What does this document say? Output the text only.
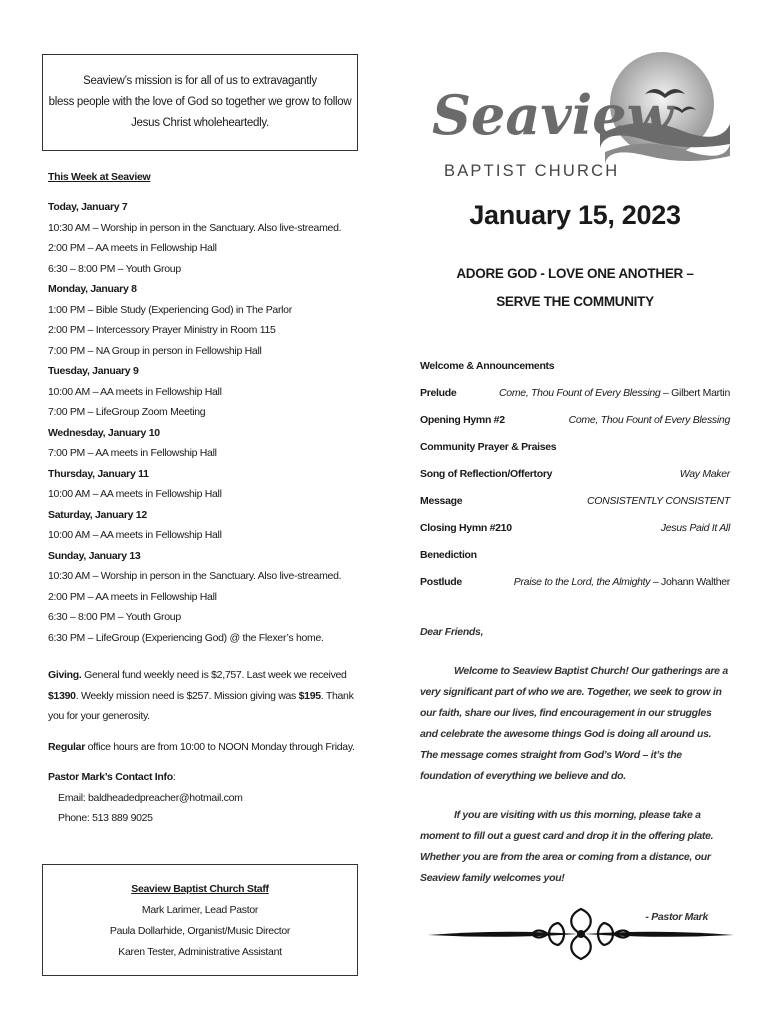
Seaview’s mission is for all of us to extravagantly
bless people with the love of God so together we grow to follow
Jesus Christ wholeheartedly.	Seaview
BAPTIST CHURCH
This Week at Seaview
Today, January 7
10:30 AM – Worship in person in the Sanctuary. Also live-streamed.
2:00 PM – AA meets in Fellowship Hall
6:30 – 8:00 PM – Youth Group
Monday, January 8
1:00 PM – Bible Study (Experiencing God) in The Parlor
2:00 PM – Intercessory Prayer Ministry in Room 115
7:00 PM – NA Group in person in Fellowship Hall
Tuesday, January 9
10:00 AM – AA meets in Fellowship Hall
7:00 PM – LifeGroup Zoom Meeting
Wednesday, January 10
7:00 PM – AA meets in Fellowship Hall
Thursday, January 11
10:00 AM – AA meets in Fellowship Hall
Saturday, January 12
10:00 AM – AA meets in Fellowship Hall
Sunday, January 13
10:30 AM – Worship in person in the Sanctuary. Also live-streamed.
2:00 PM – AA meets in Fellowship Hall
6:30 – 8:00 PM – Youth Group
6:30 PM – LifeGroup (Experiencing God) @ the Flexer’s home.
Giving. General fund weekly need is $2,757. Last week we received $1390. Weekly mission need is $257. Mission giving was $195. Thank you for your generosity.
Regular office hours are from 10:00 to NOON Monday through Friday.
Pastor Mark’s Contact Info:
Email: baldheadedpreacher@hotmail.com
Phone: 513 889 9025
Seaview Baptist Church Staff
Mark Larimer, Lead Pastor
Paula Dollarhide, Organist/Music Director
Karen Tester, Administrative Assistant
January 15, 2023
ADORE GOD - LOVE ONE ANOTHER –
SERVE THE COMMUNITY
Welcome & Announcements
Prelude	Come, Thou Fount of Every Blessing – Gilbert Martin
Opening Hymn #2	Come, Thou Fount of Every Blessing
Community Prayer & Praises
Song of Reflection/Offertory	Way Maker
Message	CONSISTENTLY CONSISTENT
Closing Hymn #210	Jesus Paid It All
Benediction
Postlude	Praise to the Lord, the Almighty – Johann Walther

Dear Friends,

Welcome to Seaview Baptist Church! Our gatherings are a very significant part of who we are. Together, we seek to grow in our faith, share our lives, find encouragement in our struggles and celebrate the awesome things God is doing all around us. The message comes straight from God’s Word – it’s the foundation of everything we believe and do.

If you are visiting with us this morning, please take a moment to fill out a guest card and drop it in the offering plate. Whether you are from the area or coming from a distance, our Seaview family welcomes you!

- Pastor Mark
